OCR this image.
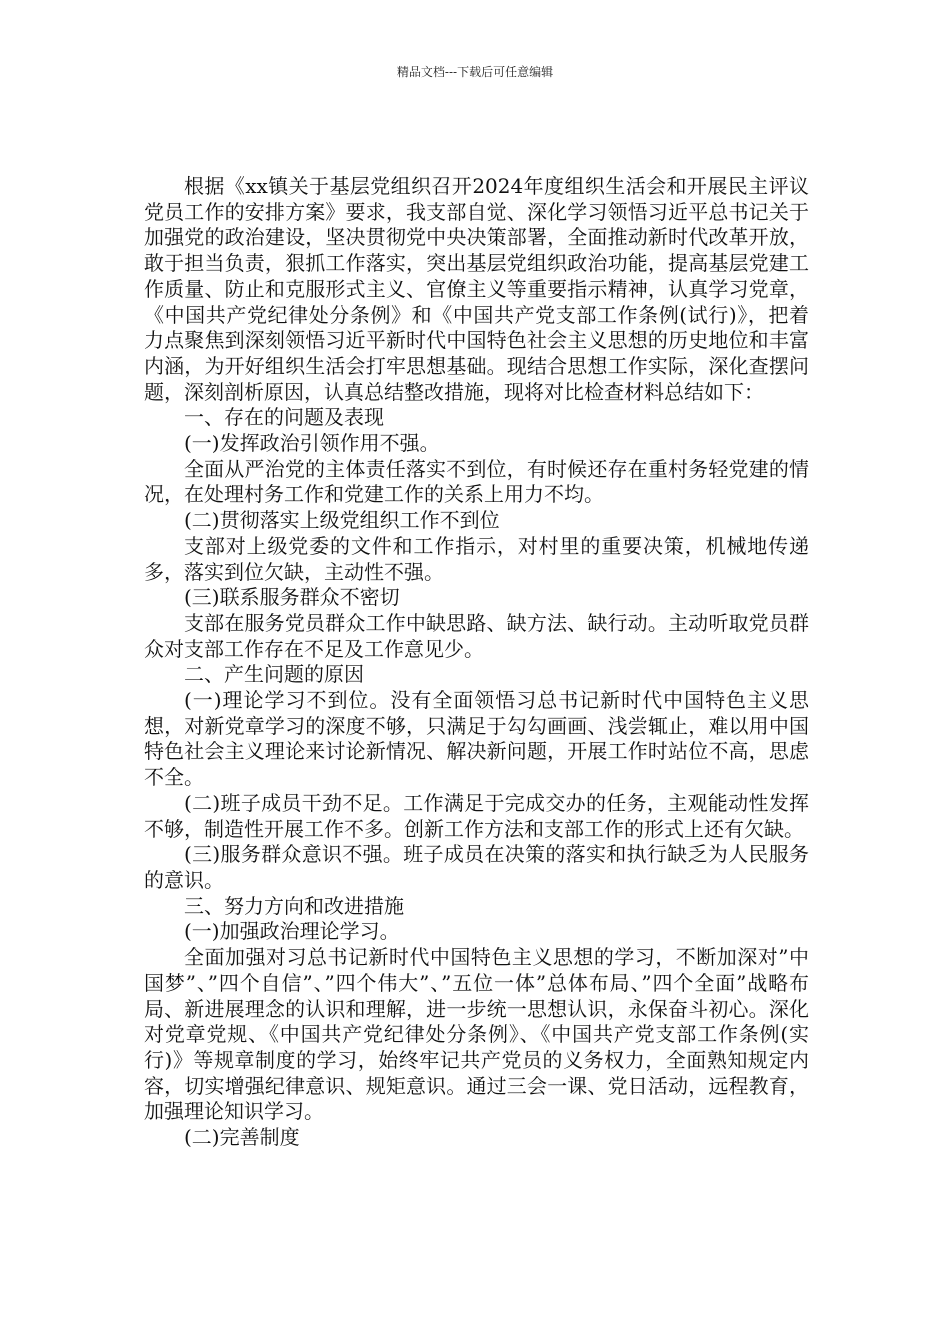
精品文档---下载后可任意编辑

根据《xx镇关于基层党组织召开2024年度组织生活会和开展民主评议党员工作的安排方案》要求，我支部自觉、深化学习领悟习近平总书记关于加强党的政治建设，坚决贯彻党中央决策部署，全面推动新时代改革开放，敢于担当负责，狠抓工作落实，突出基层党组织政治功能，提高基层党建工作质量、防止和克服形式主义、官僚主义等重要指示精神，认真学习党章，《中国共产党纪律处分条例》和《中国共产党支部工作条例(试行)》，把着力点聚焦到深刻领悟习近平新时代中国特色社会主义思想的历史地位和丰富内涵，为开好组织生活会打牢思想基础。现结合思想工作实际，深化查摆问题，深刻剖析原因，认真总结整改措施，现将对比检查材料总结如下：

一、存在的问题及表现

(一)发挥政治引领作用不强。

全面从严治党的主体责任落实不到位，有时候还存在重村务轻党建的情况，在处理村务工作和党建工作的关系上用力不均。

(二)贯彻落实上级党组织工作不到位

支部对上级党委的文件和工作指示，对村里的重要决策，机械地传递多，落实到位欠缺，主动性不强。

(三)联系服务群众不密切

支部在服务党员群众工作中缺思路、缺方法、缺行动。主动听取党员群众对支部工作存在不足及工作意见少。

二、产生问题的原因

(一)理论学习不到位。没有全面领悟习总书记新时代中国特色主义思想，对新党章学习的深度不够，只满足于勾勾画画、浅尝辄止，难以用中国特色社会主义理论来讨论新情况、解决新问题，开展工作时站位不高，思虑不全。

(二)班子成员干劲不足。工作满足于完成交办的任务，主观能动性发挥不够，制造性开展工作不多。创新工作方法和支部工作的形式上还有欠缺。

(三)服务群众意识不强。班子成员在决策的落实和执行缺乏为人民服务的意识。

三、努力方向和改进措施

(一)加强政治理论学习。

全面加强对习总书记新时代中国特色主义思想的学习，不断加深对”中国梦”、”四个自信”、”四个伟大”、”五位一体”总体布局、”四个全面”战略布局、新进展理念的认识和理解，进一步统一思想认识，永保奋斗初心。深化对党章党规、《中国共产党纪律处分条例》、《中国共产党支部工作条例(实行)》等规章制度的学习，始终牢记共产党员的义务权力，全面熟知规定内容，切实增强纪律意识、规矩意识。通过三会一课、党日活动，远程教育，加强理论知识学习。

(二)完善制度
